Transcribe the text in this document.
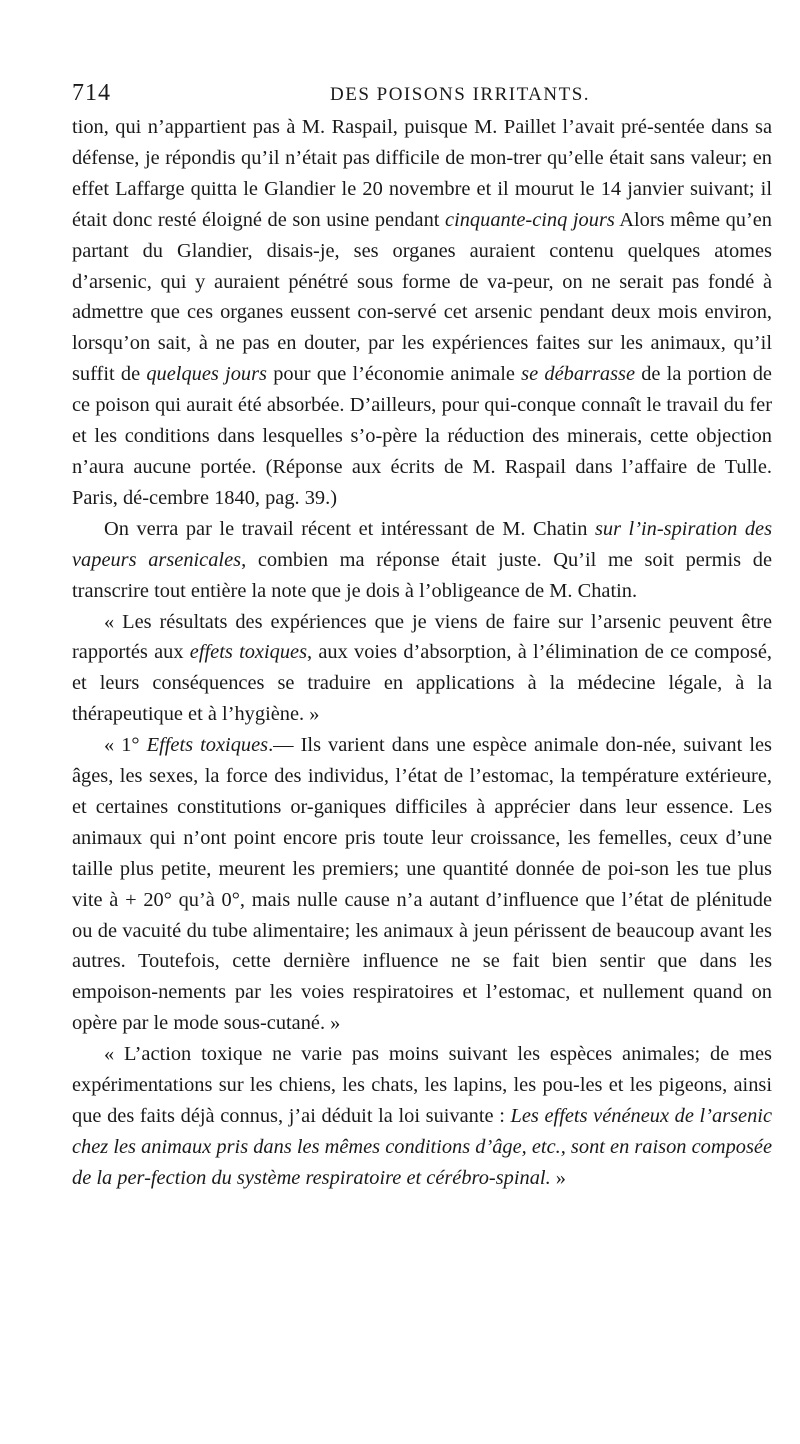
714	DES POISONS IRRITANTS.

tion, qui n’appartient pas à M. Raspail, puisque M. Paillet l’avait pré-sentée dans sa défense, je répondis qu’il n’était pas difficile de mon-trer qu’elle était sans valeur; en effet Laffarge quitta le Glandier le 20 novembre et il mourut le 14 janvier suivant; il était donc resté éloigné de son usine pendant cinquante-cinq jours Alors même qu’en partant du Glandier, disais-je, ses organes auraient contenu quelques atomes d’arsenic, qui y auraient pénétré sous forme de va-peur, on ne serait pas fondé à admettre que ces organes eussent con-servé cet arsenic pendant deux mois environ, lorsqu’on sait, à ne pas en douter, par les expériences faites sur les animaux, qu’il suffit de quelques jours pour que l’économie animale se débarrasse de la portion de ce poison qui aurait été absorbée. D’ailleurs, pour qui-conque connaît le travail du fer et les conditions dans lesquelles s’o-père la réduction des minerais, cette objection n’aura aucune portée. (Réponse aux écrits de M. Raspail dans l’affaire de Tulle. Paris, dé-cembre 1840, pag. 39.)

On verra par le travail récent et intéressant de M. Chatin sur l’in-spiration des vapeurs arsenicales, combien ma réponse était juste. Qu’il me soit permis de transcrire tout entière la note que je dois à l’obligeance de M. Chatin.

« Les résultats des expériences que je viens de faire sur l’arsenic peuvent être rapportés aux effets toxiques, aux voies d’absorption, à l’élimination de ce composé, et leurs conséquences se traduire en applications à la médecine légale, à la thérapeutique et à l’hygiène. »

« 1° Effets toxiques.— Ils varient dans une espèce animale don-née, suivant les âges, les sexes, la force des individus, l’état de l’estomac, la température extérieure, et certaines constitutions or-ganiques difficiles à apprécier dans leur essence. Les animaux qui n’ont point encore pris toute leur croissance, les femelles, ceux d’une taille plus petite, meurent les premiers; une quantité donnée de poi-son les tue plus vite à + 20° qu’à 0°, mais nulle cause n’a autant d’influence que l’état de plénitude ou de vacuité du tube alimentaire; les animaux à jeun périssent de beaucoup avant les autres. Toutefois, cette dernière influence ne se fait bien sentir que dans les empoison-nements par les voies respiratoires et l’estomac, et nullement quand on opère par le mode sous-cutané. »

« L’action toxique ne varie pas moins suivant les espèces animales; de mes expérimentations sur les chiens, les chats, les lapins, les pou-les et les pigeons, ainsi que des faits déjà connus, j’ai déduit la loi suivante : Les effets vénéneux de l’arsenic chez les animaux pris dans les mêmes conditions d’âge, etc., sont en raison composée de la per-fection du système respiratoire et cérébro-spinal. »
